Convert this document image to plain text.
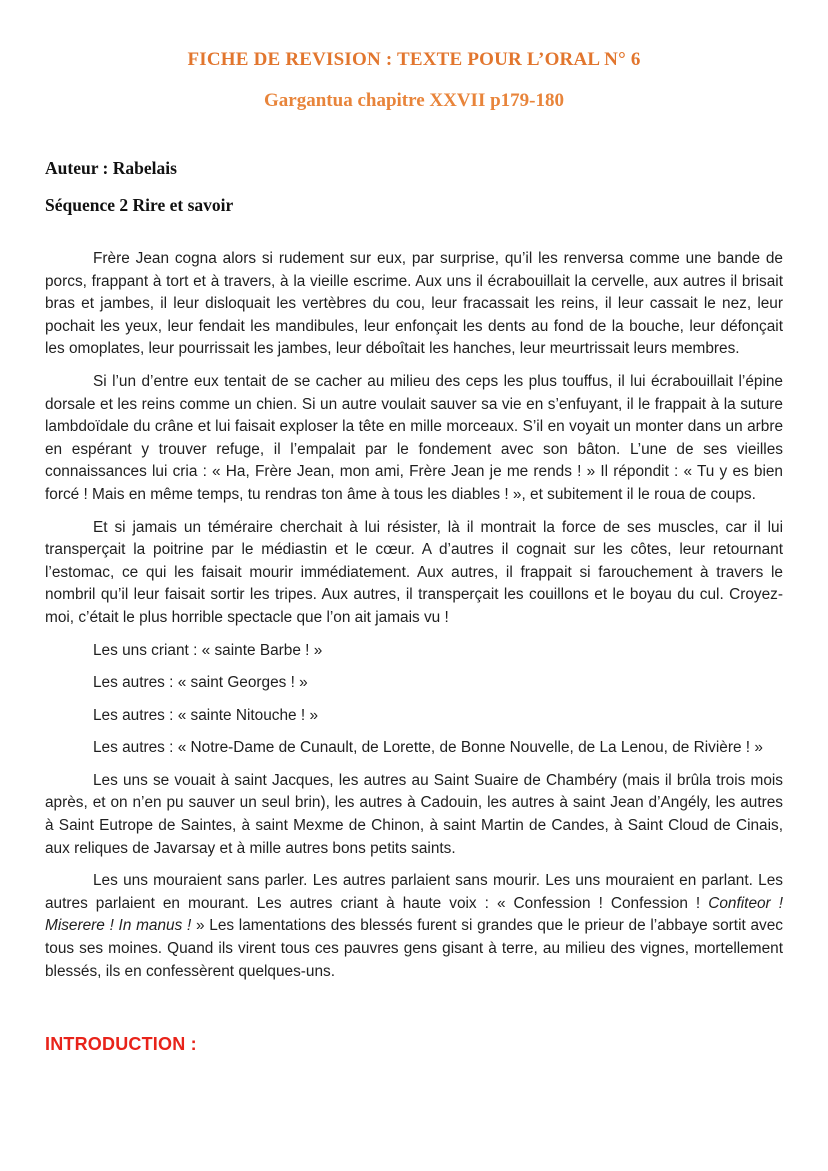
FICHE DE REVISION : TEXTE POUR L’ORAL N° 6
Gargantua chapitre XXVII p179-180

Auteur : Rabelais

Séquence 2 Rire et savoir

Frère Jean cogna alors si rudement sur eux, par surprise, qu’il les renversa comme une bande de porcs, frappant à tort et à travers, à la vieille escrime. Aux uns il écrabouillait la cervelle, aux autres il brisait bras et jambes, il leur disloquait les vertèbres du cou, leur fracassait les reins, il leur cassait le nez, leur pochait les yeux, leur fendait les mandibules, leur enfonçait les dents au fond de la bouche, leur défonçait les omoplates, leur pourrissait les jambes, leur déboîtait les hanches, leur meurtrissait leurs membres.

Si l’un d’entre eux tentait de se cacher au milieu des ceps les plus touffus, il lui écrabouillait l’épine dorsale et les reins comme un chien. Si un autre voulait sauver sa vie en s’enfuyant, il le frappait à la suture lambdoïdale du crâne et lui faisait exploser la tête en mille morceaux. S’il en voyait un monter dans un arbre en espérant y trouver refuge, il l’empalait par le fondement avec son bâton. L’une de ses vieilles connaissances lui cria : « Ha, Frère Jean, mon ami, Frère Jean je me rends ! » Il répondit : « Tu y es bien forcé ! Mais en même temps, tu rendras ton âme à tous les diables ! », et subitement il le roua de coups.

Et si jamais un téméraire cherchait à lui résister, là il montrait la force de ses muscles, car il lui transperçait la poitrine par le médiastin et le cœur. A d’autres il cognait sur les côtes, leur retournant l’estomac, ce qui les faisait mourir immédiatement. Aux autres, il frappait si farouchement à travers le nombril qu’il leur faisait sortir les tripes. Aux autres, il transperçait les couillons et le boyau du cul. Croyez-moi, c’était le plus horrible spectacle que l’on ait jamais vu !

Les uns criant : « sainte Barbe ! »

Les autres : « saint Georges ! »

Les autres : « sainte Nitouche ! »

Les autres : « Notre-Dame de Cunault, de Lorette, de Bonne Nouvelle, de La Lenou, de Rivière ! »

Les uns se vouait à saint Jacques, les autres au Saint Suaire de Chambéry (mais il brûla trois mois après, et on n’en pu sauver un seul brin), les autres à Cadouin, les autres à saint Jean d’Angély, les autres à Saint Eutrope de Saintes, à saint Mexme de Chinon, à saint Martin de Candes, à Saint Cloud de Cinais, aux reliques de Javarsay et à mille autres bons petits saints.

Les uns mouraient sans parler. Les autres parlaient sans mourir. Les uns mouraient en parlant. Les autres parlaient en mourant. Les autres criant à haute voix : « Confession ! Confession ! Confiteor ! Miserere ! In manus ! » Les lamentations des blessés furent si grandes que le prieur de l’abbaye sortit avec tous ses moines. Quand ils virent tous ces pauvres gens gisant à terre, au milieu des vignes, mortellement blessés, ils en confessèrent quelques-uns.

INTRODUCTION :
